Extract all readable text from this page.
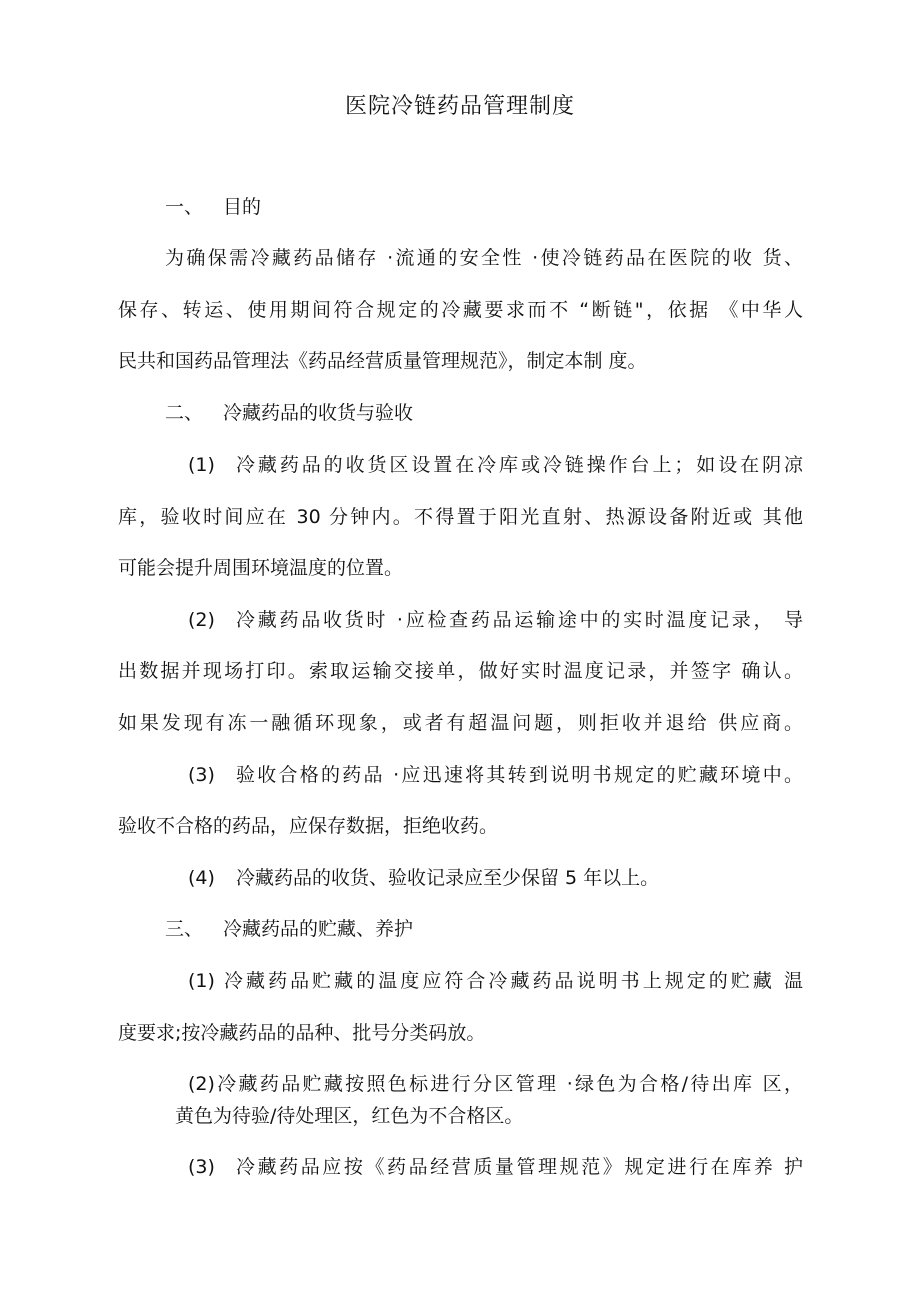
医院冷链药品管理制度
一、 目的
为确保需冷藏药品储存 ·流通的安全性 ·使冷链药品在医院的收 货、
保存、转运、使用期间符合规定的冷藏要求而不 “断链"，依据 《中华人
民共和国药品管理法《药品经营质量管理规范》，制定本制 度。
二、 冷藏药品的收货与验收
(1) 冷藏药品的收货区设置在冷库或冷链操作台上；如设在阴凉
库，验收时间应在 30 分钟内。不得置于阳光直射、热源设备附近或 其他
可能会提升周围环境温度的位置。
(2) 冷藏药品收货时 ·应检查药品运输途中的实时温度记录， 导
出数据并现场打印。索取运输交接单，做好实时温度记录，并签字 确认。
如果发现有冻一融循环现象，或者有超温问题，则拒收并退给 供应商。
(3) 验收合格的药品 ·应迅速将其转到说明书规定的贮藏环境中。
验收不合格的药品，应保存数据，拒绝收药。
(4) 冷藏药品的收货、验收记录应至少保留 5 年以上。
三、 冷藏药品的贮藏、养护
(1) 冷藏药品贮藏的温度应符合冷藏药品说明书上规定的贮藏 温
度要求;按冷藏药品的品种、批号分类码放。
(2)冷藏药品贮藏按照色标进行分区管理 ·绿色为合格/待出库 区，
黄色为待验/待处理区，红色为不合格区。
(3) 冷藏药品应按《药品经营质量管理规范》规定进行在库养 护
